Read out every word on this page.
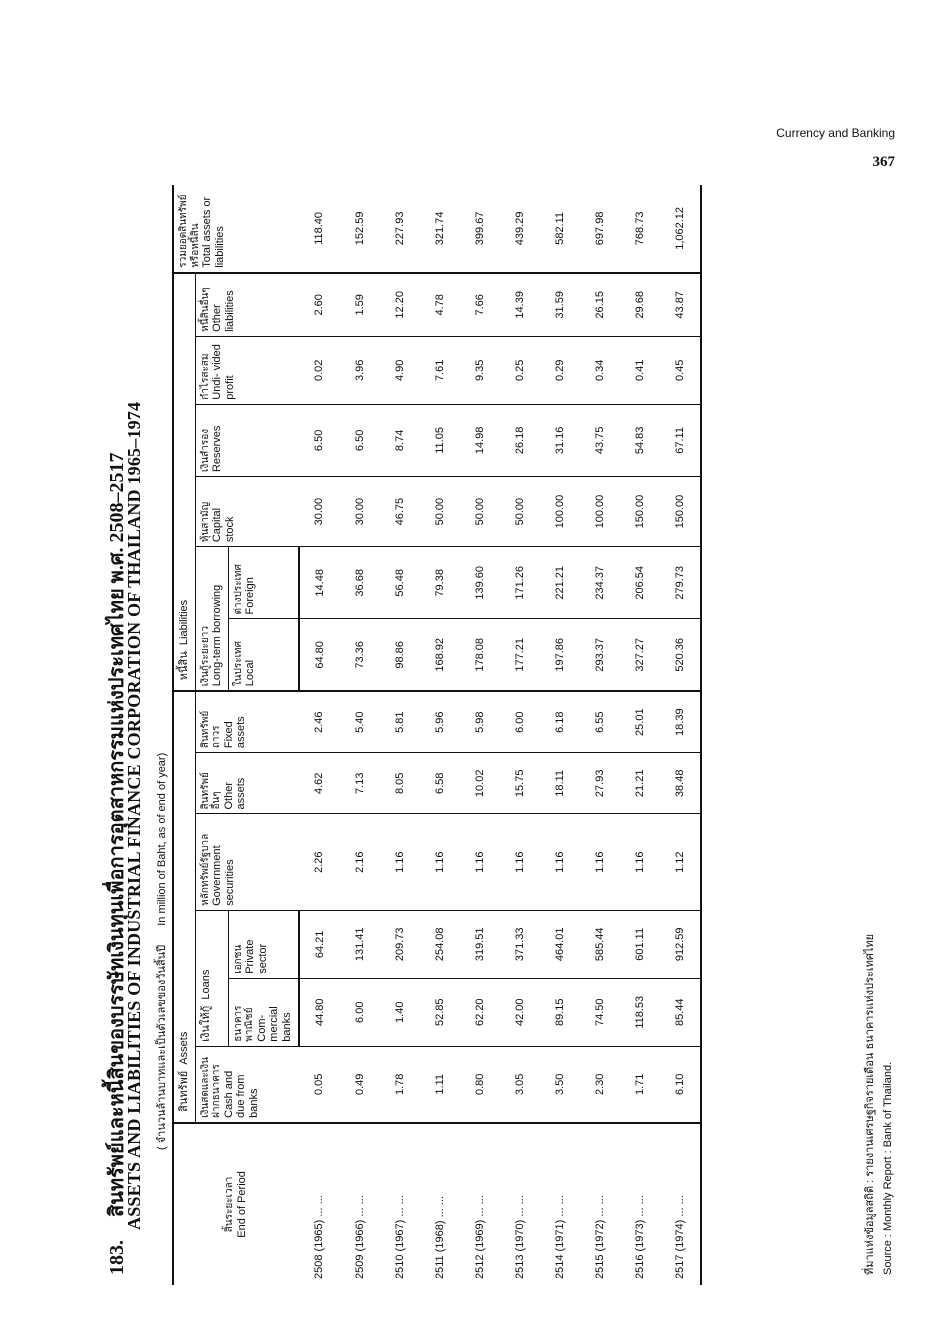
Currency and Banking
367
183. สินทรัพย์และหนี้สินของบรรษัทเงินทุนเพื่อการอุตสาหกรรมแห่งประเทศไทย พ.ศ. 2508–2517
ASSETS AND LIABILITIES OF INDUSTRIAL FINANCE CORPORATION OF THAILAND 1965–1974	( จำนวนล้านบาทและเป็นตัวเลขของวันสิ้นปี In million of Baht, as of end of year)
สิ้นระยะเวลา End of Period	สินทรัพย์  Assets						หนี้สิน  Liabilities						รวมยอดสินทรัพย์หรือหนี้สิน Total assets or liabilities

	เงินสดและเงินฝากธนาคาร Cash and due from banks	เงินให้กู้  Loans		หลักทรัพย์รัฐบาล Government securities	สินทรัพย์อื่นๆ Other assets	สินทรัพย์ถาวร Fixed assets	เงินกู้ระยะยาว Long-term borrowing		หุ้นสามัญ Capital stock	เงินสำรอง Reserves	กำไรสะสม Undi- vided profit	หนี้สินอื่นๆ Other liabilities	

		ธนาคารพาณิชย์ Com- mercial banks	เอกชน Private sector				ในประเทศ Local	ต่างประเทศ Foreign					
2508 (1965) ... ...	0.05	44.80	64.21	2.26	4.62	2.46	64.80	14.48	30.00	6.50	0.02	2.60	118.40
2509 (1966) ... ...	0.49	6.00	131.41	2.16	7.13	5.40	73.36	36.68	30.00	6.50	3.96	1.59	152.59
2510 (1967) ... ...	1.78	1.40	209.73	1.16	8.05	5.81	98.86	56.48	46.75	8.74	4.90	12.20	227.93
2511 (1968) ... ...	1.11	52.85	254.08	1.16	6.58	5.96	168.92	79.38	50.00	11.05	7.61	4.78	321.74
2512 (1969) ... ...	0.80	62.20	319.51	1.16	10.02	5.98	178.08	139.60	50.00	14.98	9.35	7.66	399.67
2513 (1970) ... ...	3.05	42.00	371.33	1.16	15.75	6.00	177.21	171.26	50.00	26.18	0.25	14.39	439.29
2514 (1971) ... ...	3.50	89.15	464.01	1.16	18.11	6.18	197.86	221.21	100.00	31.16	0.29	31.59	582.11
2515 (1972) ... ...	2.30	74.50	585.44	1.16	27.93	6.55	293.37	234.37	100.00	43.75	0.34	26.15	697.98
2516 (1973) ... ...	1.71	118.53	601.11	1.16	21.21	25.01	327.27	206.54	150.00	54.83	0.41	29.68	768.73
2517 (1974) ... ...	6.10	85.44	912.59	1.12	38.48	18.39	520.36	279.73	150.00	67.11	0.45	43.87	1,062.12
ที่มาแห่งข้อมูลสถิติ : รายงานเศรษฐกิจรายเดือน ธนาคารแห่งประเทศไทย Source : Monthly Report : Bank of Thailand.
